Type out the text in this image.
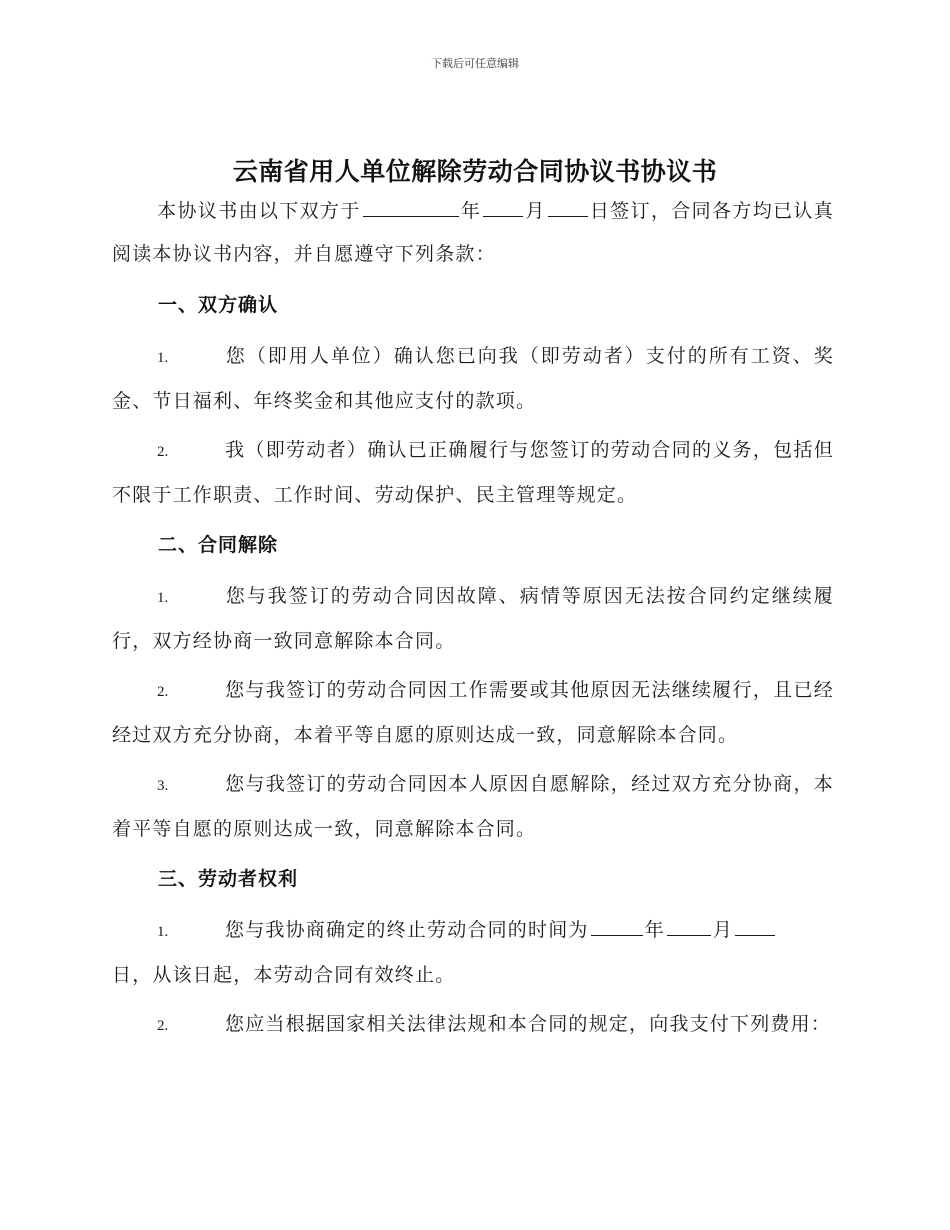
下载后可任意编辑
云南省用人单位解除劳动合同协议书协议书
本协议书由以下双方于	年 月 日签订，合同各方均已认真阅读本协议书内容，并自愿遵守下列条款：
一、双方确认
1.	您（即用人单位）确认您已向我（即劳动者）支付的所有工资、奖金、节日福利、年终奖金和其他应支付的款项。
2.	我（即劳动者）确认已正确履行与您签订的劳动合同的义务，包括但不限于工作职责、工作时间、劳动保护、民主管理等规定。
二、合同解除
1.	您与我签订的劳动合同因故障、病情等原因无法按合同约定继续履行，双方经协商一致同意解除本合同。
2.	您与我签订的劳动合同因工作需要或其他原因无法继续履行，且已经经过双方充分协商，本着平等自愿的原则达成一致，同意解除本合同。
3.	您与我签订的劳动合同因本人原因自愿解除，经过双方充分协商，本着平等自愿的原则达成一致，同意解除本合同。
三、劳动者权利
1.	您与我协商确定的终止劳动合同的时间为	年	月
日，从该日起，本劳动合同有效终止。
2.	您应当根据国家相关法律法规和本合同的规定，向我支付下列费用：
